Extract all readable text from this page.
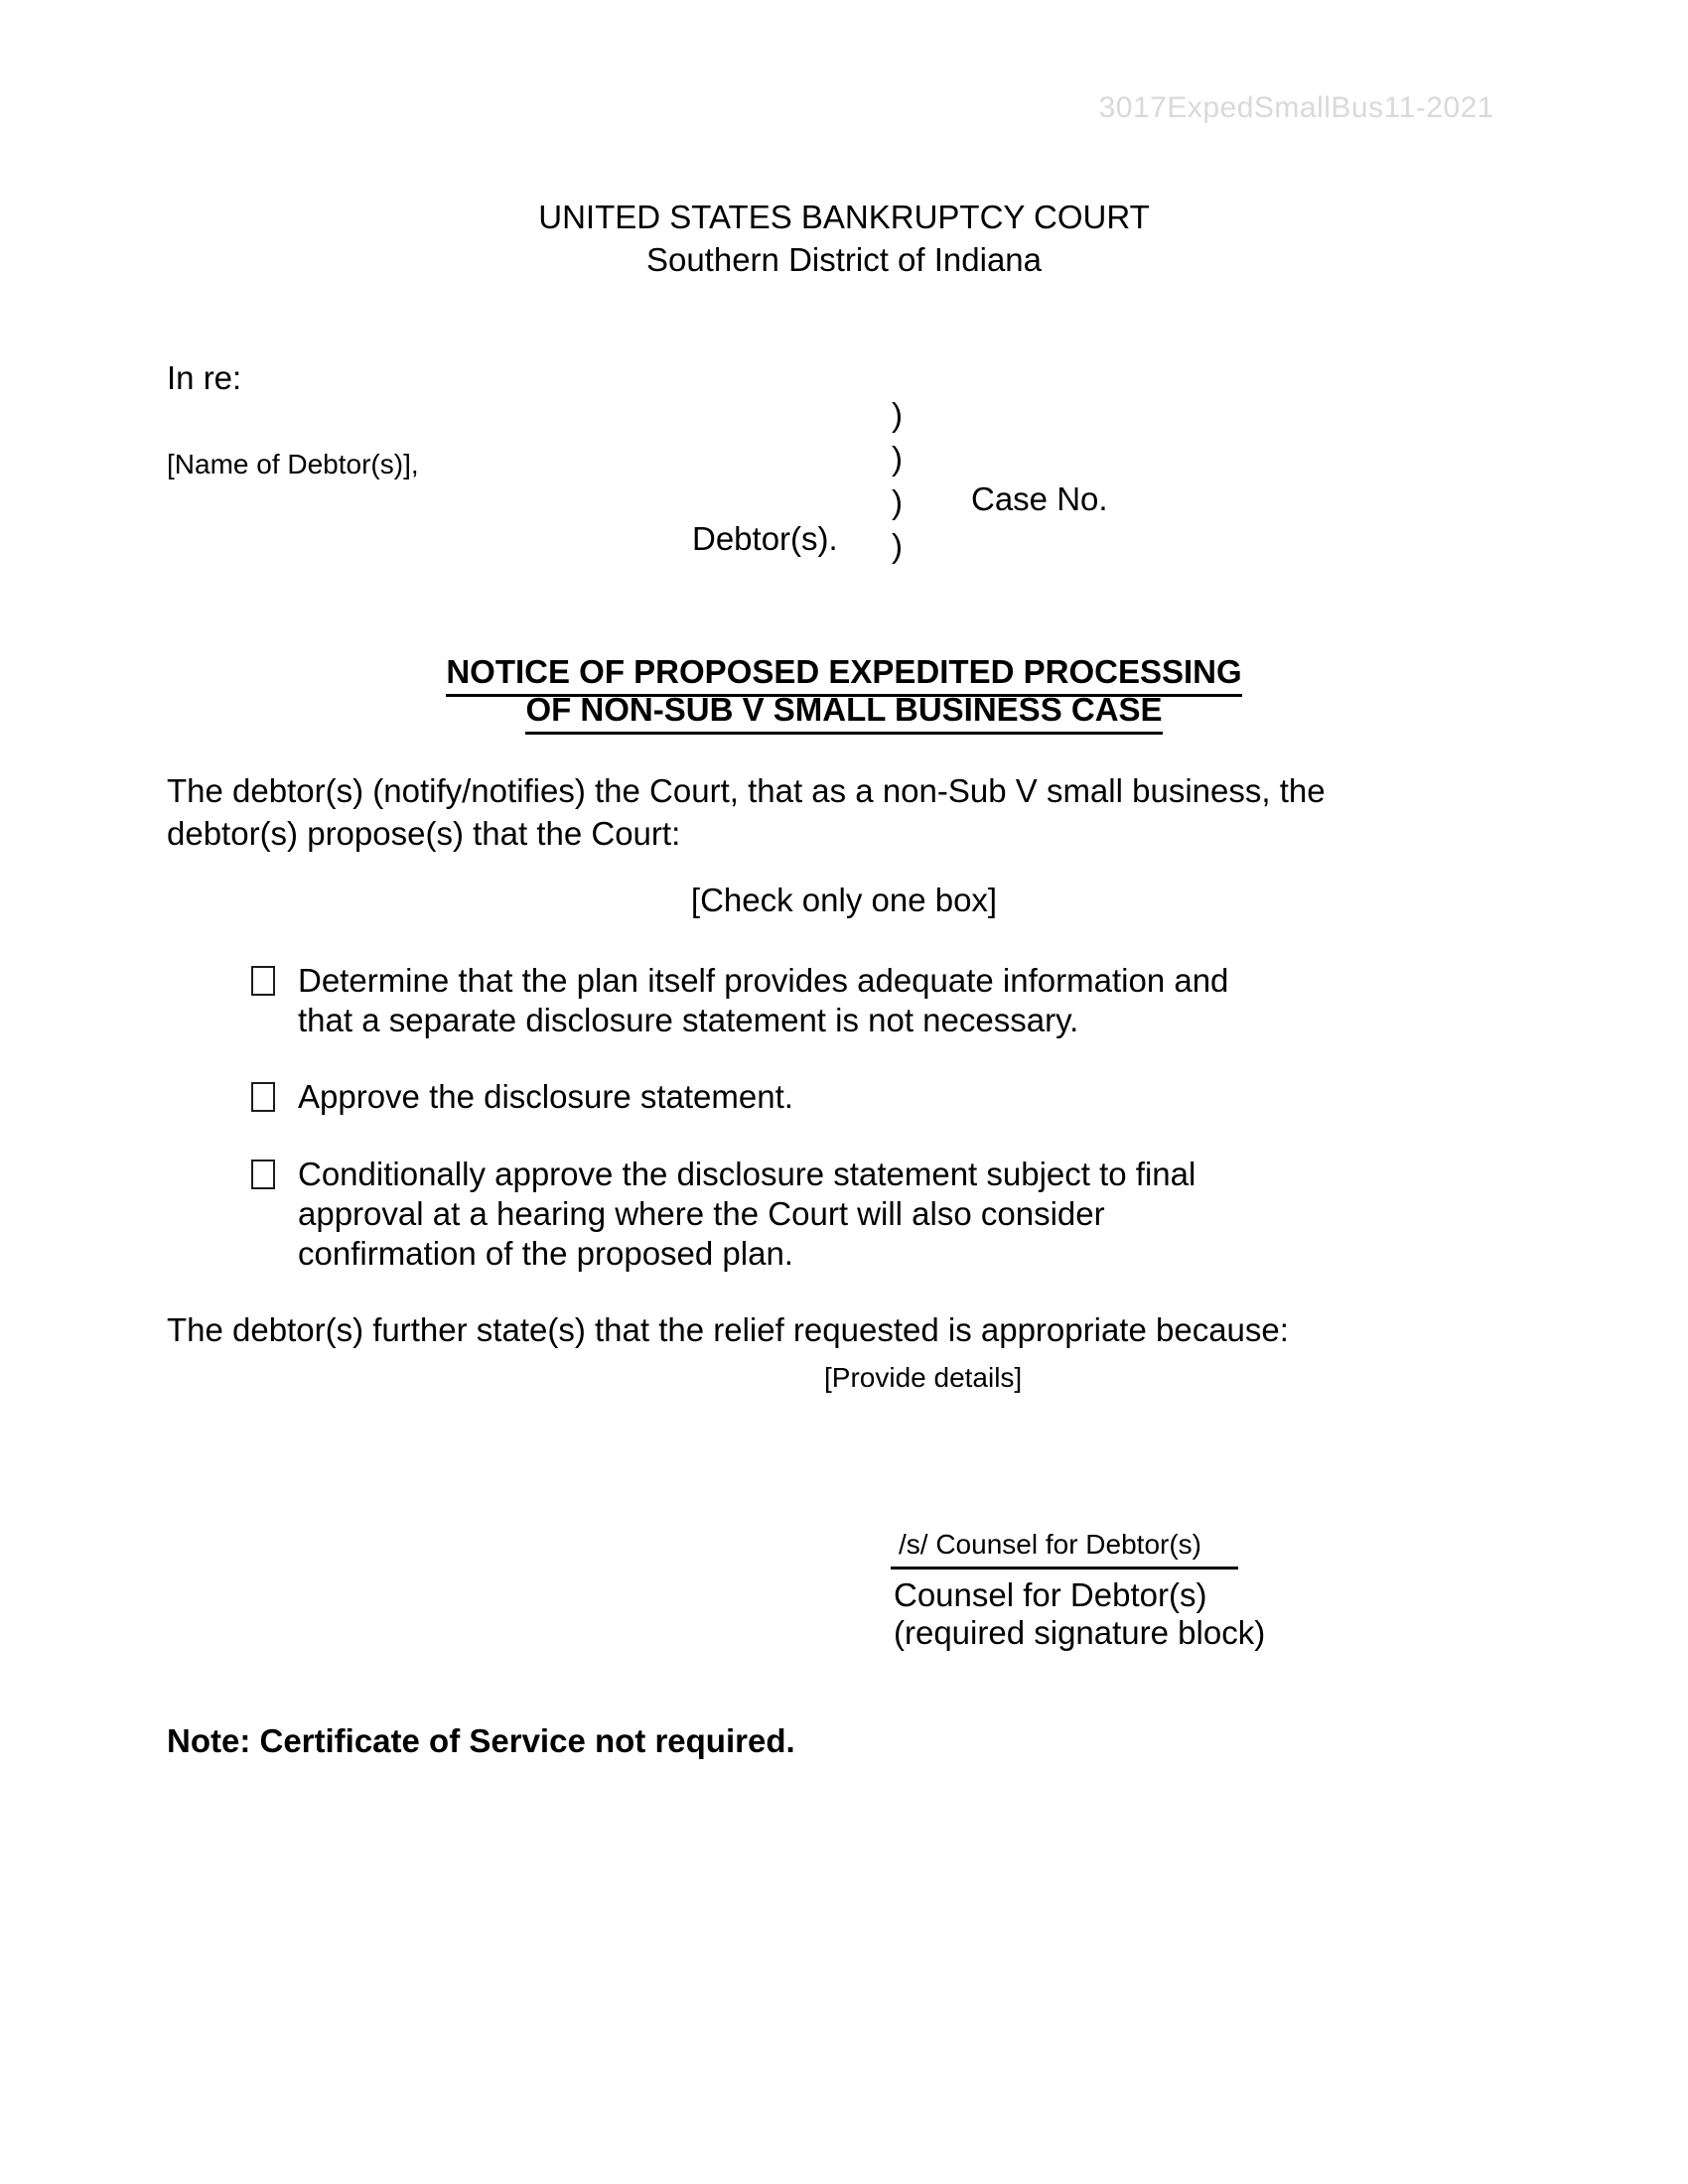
3017ExpedSmallBus11-2021
UNITED STATES BANKRUPTCY COURT
Southern District of Indiana
In re:
[Name of Debtor(s)],
)
)
)
)
Debtor(s).
Case No.
NOTICE OF PROPOSED EXPEDITED PROCESSING
OF NON-SUB V SMALL BUSINESS CASE
The debtor(s) (notify/notifies) the Court, that as a non-Sub V small business, the
debtor(s) propose(s) that the Court:
[Check only one box]
Determine that the plan itself provides adequate information and
that a separate disclosure statement is not necessary.
Approve the disclosure statement.
Conditionally approve the disclosure statement subject to final
approval at a hearing where the Court will also consider
confirmation of the proposed plan.
The debtor(s) further state(s) that the relief requested is appropriate because:
[Provide details]
/s/ Counsel for Debtor(s)
Counsel for Debtor(s)
(required signature block)
Note: Certificate of Service not required.
